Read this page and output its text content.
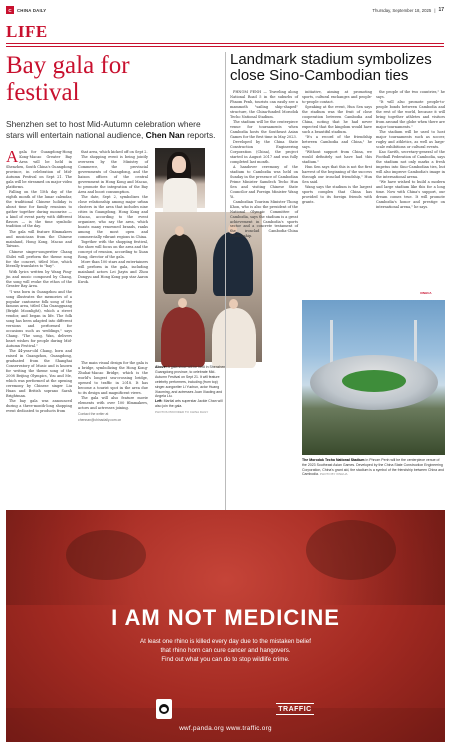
C	CHINA DAILY	Thursday, September 18, 2025 | 17
LIFE
Bay gala for festival
Shenzhen set to host Mid-Autumn celebration where stars will entertain national audience, Chen Nan reports.

Agala for Guangdong-Hong Kong-Macao Greater Bay Area will be held in Shenzhen, South China's Guangdong province, in celebration of Mid-Autumn Festival on Sept 21. The gala will be streamed on major video platforms.

Falling on the 15th day of the eighth month of the lunar calendar, the traditional Chinese holiday is about time for family reunions to gather together during moonrise — a kind of event party with different flavors — is the time symbolic tradition of the day.

The gala will feature filmmakers and musicians from the Chinese mainland, Hong Kong, Macao and Taiwan.

Chinese singer-songwriter Chang Shilei will perform the theme song for the concert, titled Moe, which literally translates to "bay".

With lyrics written by Wang Ping-jin and music composed by Chang, the song will evoke the ethos of the Greater Bay Area.

"I was born in Guangzhou and the song illustrates the memories of a popular cantonese folk song of the famous area, titled Cha Guangguang (Bright Moonlight), which a street vendor, and began in life. The folk song has been adapted into different versions and performed for occasions such as weddings," says Chang. "The song, Wan, delivers heart wishes for people during Mid-Autumn Festival."

The 44-year-old Chang, born and raised in Guangzhou, Guangdong, graduated from the Shanghai Conservatory of Music and is known for writing the theme song of the 2008 Beijing Olympics, You and Me, which was performed at the opening ceremony by Chinese singer Liu Huan and British soprano Sarah Brightman.

The bay gala was announced during a three-month-long shopping event dedicated to products from

that area, which kicked off on Sept 2.

The shopping event is being jointly overseen by the Ministry of Commerce, the provincial governments of Guangdong, and the liaison offices of the central government in Hong Kong and Macao, to promote the integration of the Bay Area and boost consumption.

The date, Sept 2, symbolizes the close relationship among major urban clusters in the area that includes nine cities in Guangdong, Hong Kong and Macao, according to the event organizer, who say the area, which boasts many renowned brands, ranks among the most open and commercially vibrant regions in China.

Together with the shopping festival, the show will focus on the area and the concept of reunion, according to Xuan Rong, director of the gala.

More than 100 stars and entertainers will perform in the gala, including mainland actors Lei Jiayin and Zhou Dongyu and Hong Kong pop star Aaron Kwok.

The main visual design for the gala is a bridge, symbolizing the Hong Kong-Zhuhai-Macao Bridge, which is the world's longest sea-crossing bridge, opened to traffic in 2018. It has become a tourist spot in the area due to its design and magnificent views.

The gala will also feature movie elements with over 100 filmmakers, actors and actresses joining.

Contact the writer at
chennan@chinadaily.com.cn
Above: A gala show will be held in Shenzhen, Guangdong province, to celebrate Mid-Autumn Festival on Sept 21. It will feature celebrity performers, including (from top) singer-songwriter Li Yuchun, actor Huang Xiaoming, and actresses Juan Xiaoling and Angela Liu.
Left: Martial arts superstar Jackie Chan will also join the gala.
PHOTOS PROVIDED TO CHINA DAILY
Landmark stadium symbolizes close Sino-Cambodian ties

PHNOM PENH — Traveling along National Road 5 in the suburbs of Phnom Penh, tourists can easily see a mammoth "sailing ship-shaped" structure, the China-funded Morodok Techo National Stadium.

The stadium will be the centerpiece venue for tournaments when Cambodia hosts the Southeast Asian Games for the first time in May 2023.

Developed by the China State Construction Engineering Corporation (China), the project started in August 2017 and was fully completed last month.

A handover ceremony of the stadium to Cambodia was held on Sunday in the presence of Cambodian Prime Minister Samdech Techo Hun Sen and visiting Chinese State Councilor and Foreign Minister Wang Yi.

Cambodian Tourism Minister Thong Khon, who is also the president of the National Olympic Committee of Cambodia, says the stadium is a great achievement in Cambodia's sports sector and a concrete testament of the ironclad Cambodia-China relationship.

initiative, aiming at promoting sports, cultural exchanges and people-to-people contact.

Speaking at the event, Hun Sen says the stadium was the fruit of close cooperation between Cambodia and China, noting that he had never expected that the kingdom would have such a beautiful stadium.

"It's a record of the friendship between Cambodia and China," he says.

"Without support from China, we would definitely not have had this stadium."

Hun Sen says that this is not the first harvest of the beginning of the success through our ironclad friendship," Hun Sen said.

Wang says the stadium is the largest sports complex that China has provided to its foreign friends with grants.

the people of the two countries," he says.

"It will also promote people-to-people bonds between Cambodia and the rest of the world, because it will bring together athletes and visitors from around the globe when there are major tournaments."

The stadium will be used to host major tournaments such as soccer, rugby and athletics, as well as large-scale exhibitions or cultural events.

Kao Savith, secretary-general of the Football Federation of Cambodia, says the stadium not only marks a fresh impetus into Sino-Cambodian ties, but will also improve Cambodia's image in the international arena.

"We have wished to build a modern and large stadium like this for a long time. Now with China's support, our dream comes true. It will promote Cambodia's honor and prestige on international arena," he says.

XINHUA
The Morodok Techo National Stadium in Phnom Penh will be the centerpiece venue of the 2023 Southeast Asian Games. Developed by the China State Construction Engineering Corporation, China's grant aid, the stadium is a symbol of the friendship between China and Cambodia. PHOTO BY XINHUA
I AM NOT MEDICINE
At least one rhino is killed every day due to the mistaken belief
that rhino horn can cure cancer and hangovers.
Find out what you can do to stop wildlife crime.
TRAFFIC
wwf.panda.org www.traffic.org
